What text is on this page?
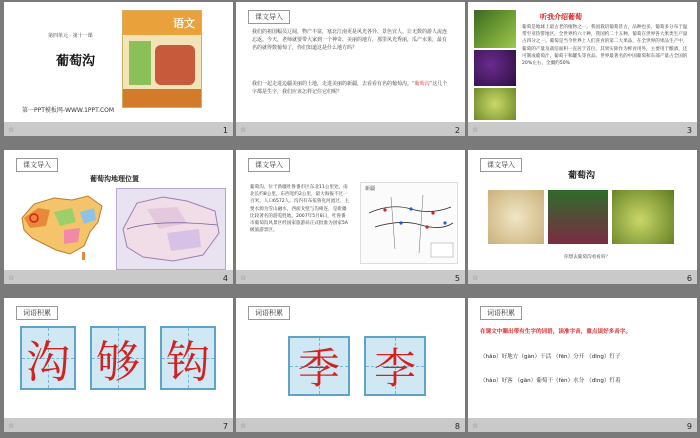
第四单元 · 第十一课
葡萄沟
语文
第一PPT模板网-WWW.1PPT.COM
☆	1
课文导入
我们的祖国幅员辽阔，物产丰富，塞北江南更是风光各异、景色宜人。让无数的游人流连忘返。今天，老师就要带大家到一个神奇、美丽的地方，那里风光秀丽，瓜产水果，最有名的就得数葡萄了，你们知道这是什么地方吗？
我们一起走进边疆美丽的土地，走进美丽的新疆，去看看有名的葡萄沟。“葡萄沟”这几个字都是生字，我们应该怎样记住它们呢？
☆	2
听我介绍葡萄
葡萄是地球上最古老的植物之一。我国栽培葡萄甚古，品种也多。葡萄多分布于温带至亚热带地区，全世界约六十种，我国约二十五种。葡萄在世界各大果类生产量占四分之一。葡萄是当今世界上人们喜食的第二大果品，在全世界的果品生产中，葡萄的产量及栽培面积一直居于首位。其果实除作为鲜食用外，主要用于酿酒，还可制成葡萄汁、葡萄干和罐头等食品。世界最著名的中国葡萄和东部产量占全国的20%左右，全疆约50%
☆	3
课文导入
葡萄沟地理位置
☆	4
课文导入
葡萄沟，位于新疆吐鲁番市区东北11公里处，南北长约8公里，东西宽约2公里，最大海拔不过一百米，人口6572人。沟内有布依鲁克河流过，主要水源为雪山融水，西面戈壁与沟相连，是新疆比较著名的游览胜地。2007年5月8日，吐鲁番市葡萄沟风景区经国家旅游局正式批准为国家5A级旅游景区。
新疆
☆	5
课文导入
葡萄沟
你想去葡萄沟看看吗？
☆	6
词语积累
沟 够 钩
☆	7
词语积累
季 李
☆	8
词语积累
在课文中圈出带有生字的词语，读准字音，重点读好多音字。
（hǎo）好地方（gàn）干活 （fēn）分开 （dīng）钉子
（hào）好客 （gān）葡萄干（fèn）水分 （dìng）钉着
☆	9
